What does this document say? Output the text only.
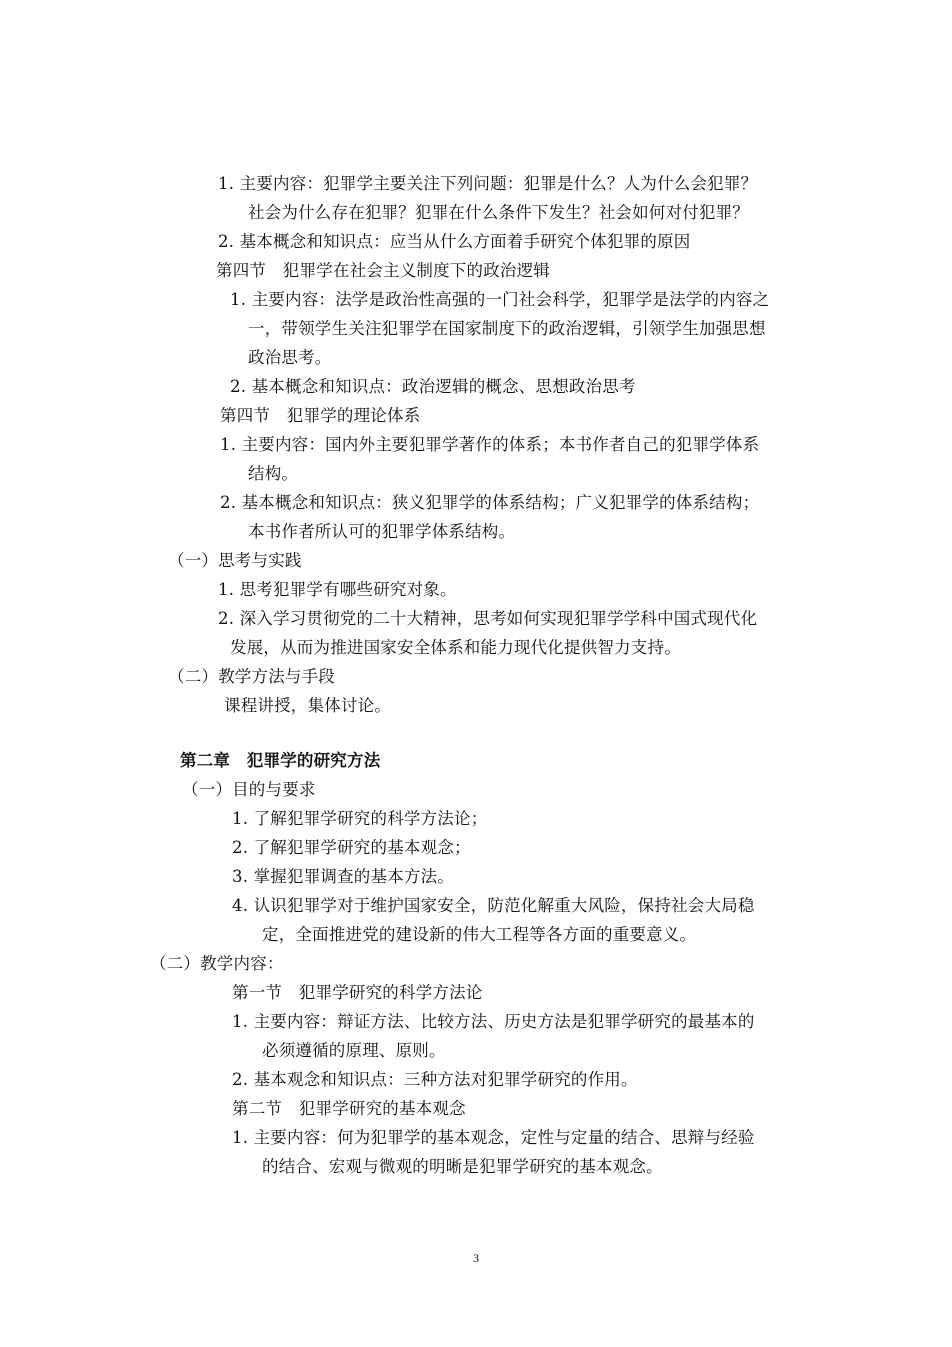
1. 主要内容：犯罪学主要关注下列问题：犯罪是什么？人为什么会犯罪？
社会为什么存在犯罪？犯罪在什么条件下发生？社会如何对付犯罪？
2. 基本概念和知识点：应当从什么方面着手研究个体犯罪的原因
第四节　犯罪学在社会主义制度下的政治逻辑
1. 主要内容：法学是政治性高强的一门社会科学，犯罪学是法学的内容之
一，带领学生关注犯罪学在国家制度下的政治逻辑，引领学生加强思想
政治思考。
2. 基本概念和知识点：政治逻辑的概念、思想政治思考
第四节　犯罪学的理论体系
1. 主要内容：国内外主要犯罪学著作的体系；本书作者自己的犯罪学体系
结构。
2. 基本概念和知识点：狭义犯罪学的体系结构；广义犯罪学的体系结构；
本书作者所认可的犯罪学体系结构。
（一）思考与实践
1. 思考犯罪学有哪些研究对象。
2. 深入学习贯彻党的二十大精神，思考如何实现犯罪学学科中国式现代化
发展，从而为推进国家安全体系和能力现代化提供智力支持。
（二）教学方法与手段
课程讲授，集体讨论。
第二章　犯罪学的研究方法
（一）目的与要求
1. 了解犯罪学研究的科学方法论；
2. 了解犯罪学研究的基本观念；
3. 掌握犯罪调查的基本方法。
4. 认识犯罪学对于维护国家安全，防范化解重大风险，保持社会大局稳
定，全面推进党的建设新的伟大工程等各方面的重要意义。
（二）教学内容：
第一节　犯罪学研究的科学方法论
1. 主要内容：辩证方法、比较方法、历史方法是犯罪学研究的最基本的
必须遵循的原理、原则。
2. 基本观念和知识点：三种方法对犯罪学研究的作用。
第二节　犯罪学研究的基本观念
1. 主要内容：何为犯罪学的基本观念，定性与定量的结合、思辩与经验
的结合、宏观与微观的明晰是犯罪学研究的基本观念。
3
